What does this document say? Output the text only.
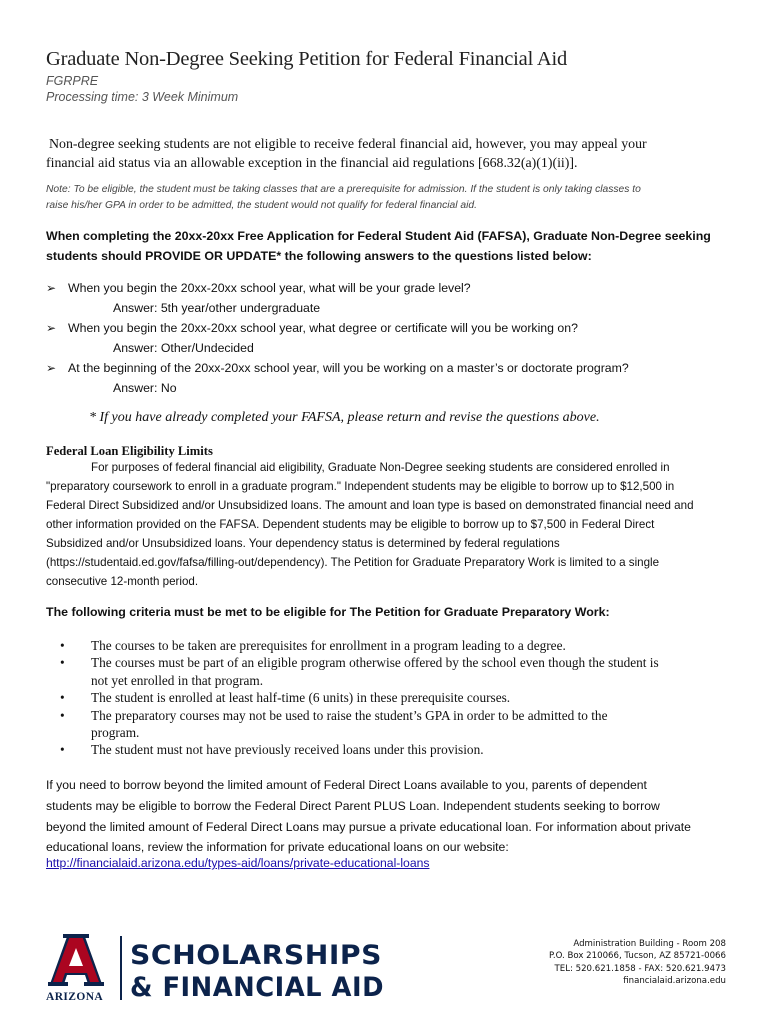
Graduate Non-Degree Seeking Petition for Federal Financial Aid
FGRPRE
Processing time: 3 Week Minimum
Non-degree seeking students are not eligible to receive federal financial aid, however, you may appeal your
financial aid status via an allowable exception in the financial aid regulations [668.32(a)(1)(ii)].
Note: To be eligible, the student must be taking classes that are a prerequisite for admission. If the student is only taking classes to
raise his/her GPA in order to be admitted, the student would not qualify for federal financial aid.
When completing the 20xx-20xx Free Application for Federal Student Aid (FAFSA), Graduate Non-Degree seeking
students should PROVIDE OR UPDATE* the following answers to the questions listed below:
➢ When you begin the 20xx-20xx school year, what will be your grade level?
Answer: 5th year/other undergraduate
➢ When you begin the 20xx-20xx school year, what degree or certificate will you be working on?
Answer: Other/Undecided
➢ At the beginning of the 20xx-20xx school year, will you be working on a master’s or doctorate program?
Answer: No
* If you have already completed your FAFSA, please return and revise the questions above.
Federal Loan Eligibility Limits
For purposes of federal financial aid eligibility, Graduate Non-Degree seeking students are considered enrolled in
"preparatory coursework to enroll in a graduate program." Independent students may be eligible to borrow up to $12,500 in
Federal Direct Subsidized and/or Unsubsidized loans. The amount and loan type is based on demonstrated financial need and
other information provided on the FAFSA. Dependent students may be eligible to borrow up to $7,500 in Federal Direct
Subsidized and/or Unsubsidized loans. Your dependency status is determined by federal regulations
(https://studentaid.ed.gov/fafsa/filling-out/dependency). The Petition for Graduate Preparatory Work is limited to a single
consecutive 12-month period.
The following criteria must be met to be eligible for The Petition for Graduate Preparatory Work:
• The courses to be taken are prerequisites for enrollment in a program leading to a degree.
• The courses must be part of an eligible program otherwise offered by the school even though the student is
not yet enrolled in that program.
• The student is enrolled at least half-time (6 units) in these prerequisite courses.
• The preparatory courses may not be used to raise the student’s GPA in order to be admitted to the
program.
• The student must not have previously received loans under this provision.
If you need to borrow beyond the limited amount of Federal Direct Loans available to you, parents of dependent
students may be eligible to borrow the Federal Direct Parent PLUS Loan. Independent students seeking to borrow
beyond the limited amount of Federal Direct Loans may pursue a private educational loan. For information about private
educational loans, review the information for private educational loans on our website:
http://financialaid.arizona.edu/types-aid/loans/private-educational-loans
ARIZONA
SCHOLARSHIPS
& FINANCIAL AID
Administration Building - Room 208
P.O. Box 210066, Tucson, AZ 85721-0066
TEL: 520.621.1858 - FAX: 520.621.9473
financialaid.arizona.edu
